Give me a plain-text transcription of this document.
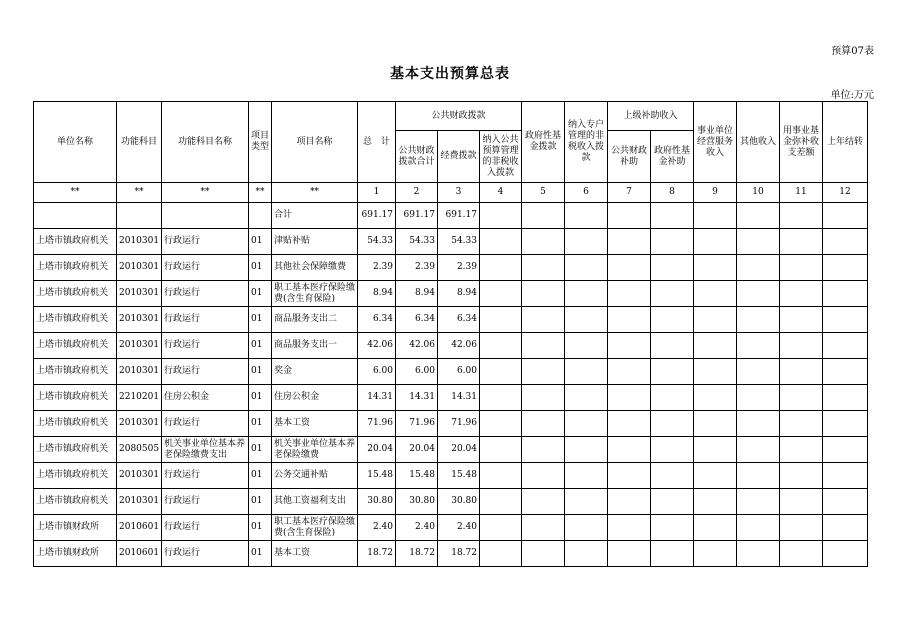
预算07表
基本支出预算总表
单位:万元
单位名称	功能科目	功能科目名称	项目类型	项目名称	总　计	公共财政拨款			政府性基金拨款	纳入专户管理的非税收入拨款	上级补助收入		事业单位经营服务收入	其他收入	用事业基金弥补收支差额	上年结转
						公共财政拨款合计	经费拨款	纳入公共预算管理的非税收入拨款			公共财政补助	政府性基金补助				
**	**	**	**	**	1	2	3	4	5	6	7	8	9	10	11	12
				合计	691.17	691.17	691.17									
上塔市镇政府机关	2010301	行政运行	01	津贴补贴	54.33	54.33	54.33									
上塔市镇政府机关	2010301	行政运行	01	其他社会保障缴费	2.39	2.39	2.39									
上塔市镇政府机关	2010301	行政运行	01	职工基本医疗保险缴费(含生育保险)	8.94	8.94	8.94									
上塔市镇政府机关	2010301	行政运行	01	商品服务支出二	6.34	6.34	6.34									
上塔市镇政府机关	2010301	行政运行	01	商品服务支出一	42.06	42.06	42.06									
上塔市镇政府机关	2010301	行政运行	01	奖金	6.00	6.00	6.00									
上塔市镇政府机关	2210201	住房公积金	01	住房公积金	14.31	14.31	14.31									
上塔市镇政府机关	2010301	行政运行	01	基本工资	71.96	71.96	71.96									
上塔市镇政府机关	2080505	机关事业单位基本养老保险缴费支出	01	机关事业单位基本养老保险缴费	20.04	20.04	20.04									
上塔市镇政府机关	2010301	行政运行	01	公务交通补贴	15.48	15.48	15.48									
上塔市镇政府机关	2010301	行政运行	01	其他工资福利支出	30.80	30.80	30.80									
上塔市镇财政所	2010601	行政运行	01	职工基本医疗保险缴费(含生育保险)	2.40	2.40	2.40									
上塔市镇财政所	2010601	行政运行	01	基本工资	18.72	18.72	18.72									
